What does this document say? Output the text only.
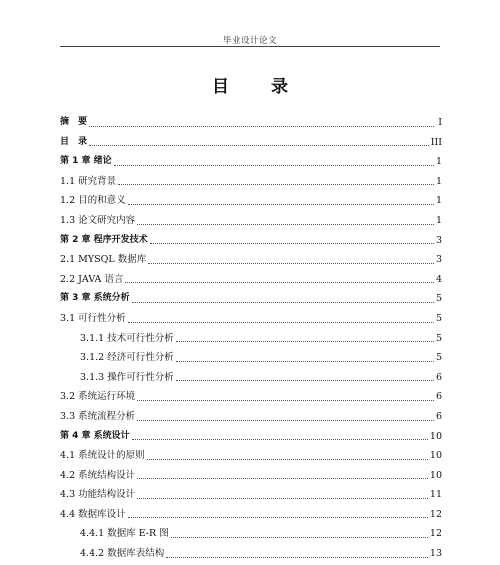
毕业设计论文
目 录
摘　要	I
目　录	III
第 1 章 绪论	1
1.1 研究背景	1
1.2 目的和意义	1
1.3 论文研究内容	1
第 2 章 程序开发技术	3
2.1 MYSQL 数据库	3
2.2 JAVA 语言	4
第 3 章 系统分析	5
3.1 可行性分析	5
3.1.1 技术可行性分析	5
3.1.2 经济可行性分析	5
3.1.3 操作可行性分析	6
3.2 系统运行环境	6
3.3 系统流程分析	6
第 4 章 系统设计	10
4.1 系统设计的原则	10
4.2 系统结构设计	10
4.3 功能结构设计	11
4.4 数据库设计	12
4.4.1 数据库 E-R 图	12
4.4.2 数据库表结构	13
